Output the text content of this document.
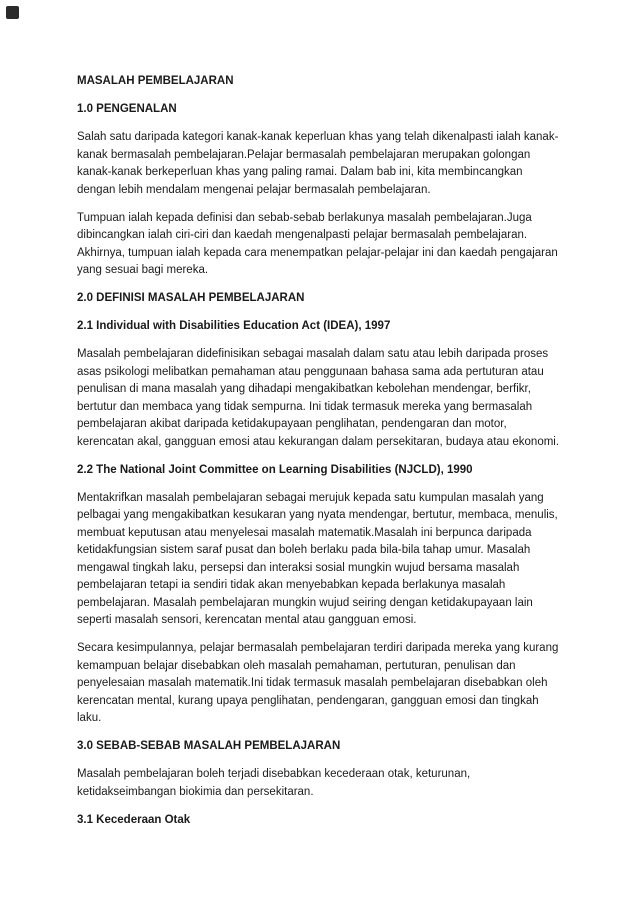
MASALAH PEMBELAJARAN
1.0 PENGENALAN

Salah satu daripada kategori kanak-kanak keperluan khas yang telah dikenalpasti ialah kanak-kanak bermasalah pembelajaran.Pelajar bermasalah pembelajaran merupakan golongan kanak-kanak berkeperluan khas yang paling ramai. Dalam bab ini, kita membincangkan dengan lebih mendalam mengenai pelajar bermasalah pembelajaran.

Tumpuan ialah kepada definisi dan sebab-sebab berlakunya masalah pembelajaran.Juga dibincangkan ialah ciri-ciri dan kaedah mengenalpasti pelajar bermasalah pembelajaran. Akhirnya, tumpuan ialah kepada cara menempatkan pelajar-pelajar ini dan kaedah pengajaran yang sesuai bagi mereka.

2.0 DEFINISI MASALAH PEMBELAJARAN
2.1 Individual with Disabilities Education Act (IDEA), 1997

Masalah pembelajaran didefinisikan sebagai masalah dalam satu atau lebih daripada proses asas psikologi melibatkan pemahaman atau penggunaan bahasa sama ada pertuturan atau penulisan di mana masalah yang dihadapi mengakibatkan kebolehan mendengar, berfikr, bertutur dan membaca yang tidak sempurna. Ini tidak termasuk mereka yang bermasalah pembelajaran akibat daripada ketidakupayaan penglihatan, pendengaran dan motor, kerencatan akal, gangguan emosi atau kekurangan dalam persekitaran, budaya atau ekonomi.

2.2 The National Joint Committee on Learning Disabilities (NJCLD), 1990

Mentakrifkan masalah pembelajaran sebagai merujuk kepada satu kumpulan masalah yang pelbagai yang mengakibatkan kesukaran yang nyata mendengar, bertutur, membaca, menulis, membuat keputusan atau menyelesai masalah matematik.Masalah ini berpunca daripada ketidakfungsian sistem saraf pusat dan boleh berlaku pada bila-bila tahap umur. Masalah mengawal tingkah laku, persepsi dan interaksi sosial mungkin wujud bersama masalah pembelajaran tetapi ia sendiri tidak akan menyebabkan kepada berlakunya masalah pembelajaran. Masalah pembelajaran mungkin wujud seiring dengan ketidakupayaan lain seperti masalah sensori, kerencatan mental atau gangguan emosi.

Secara kesimpulannya, pelajar bermasalah pembelajaran terdiri daripada mereka yang kurang kemampuan belajar disebabkan oleh masalah pemahaman, pertuturan, penulisan dan penyelesaian masalah matematik.Ini tidak termasuk masalah pembelajaran disebabkan oleh kerencatan mental, kurang upaya penglihatan, pendengaran, gangguan emosi dan tingkah laku.

3.0 SEBAB-SEBAB MASALAH PEMBELAJARAN

Masalah pembelajaran boleh terjadi disebabkan kecederaan otak, keturunan, ketidakseimbangan biokimia dan persekitaran.

3.1 Kecederaan Otak
